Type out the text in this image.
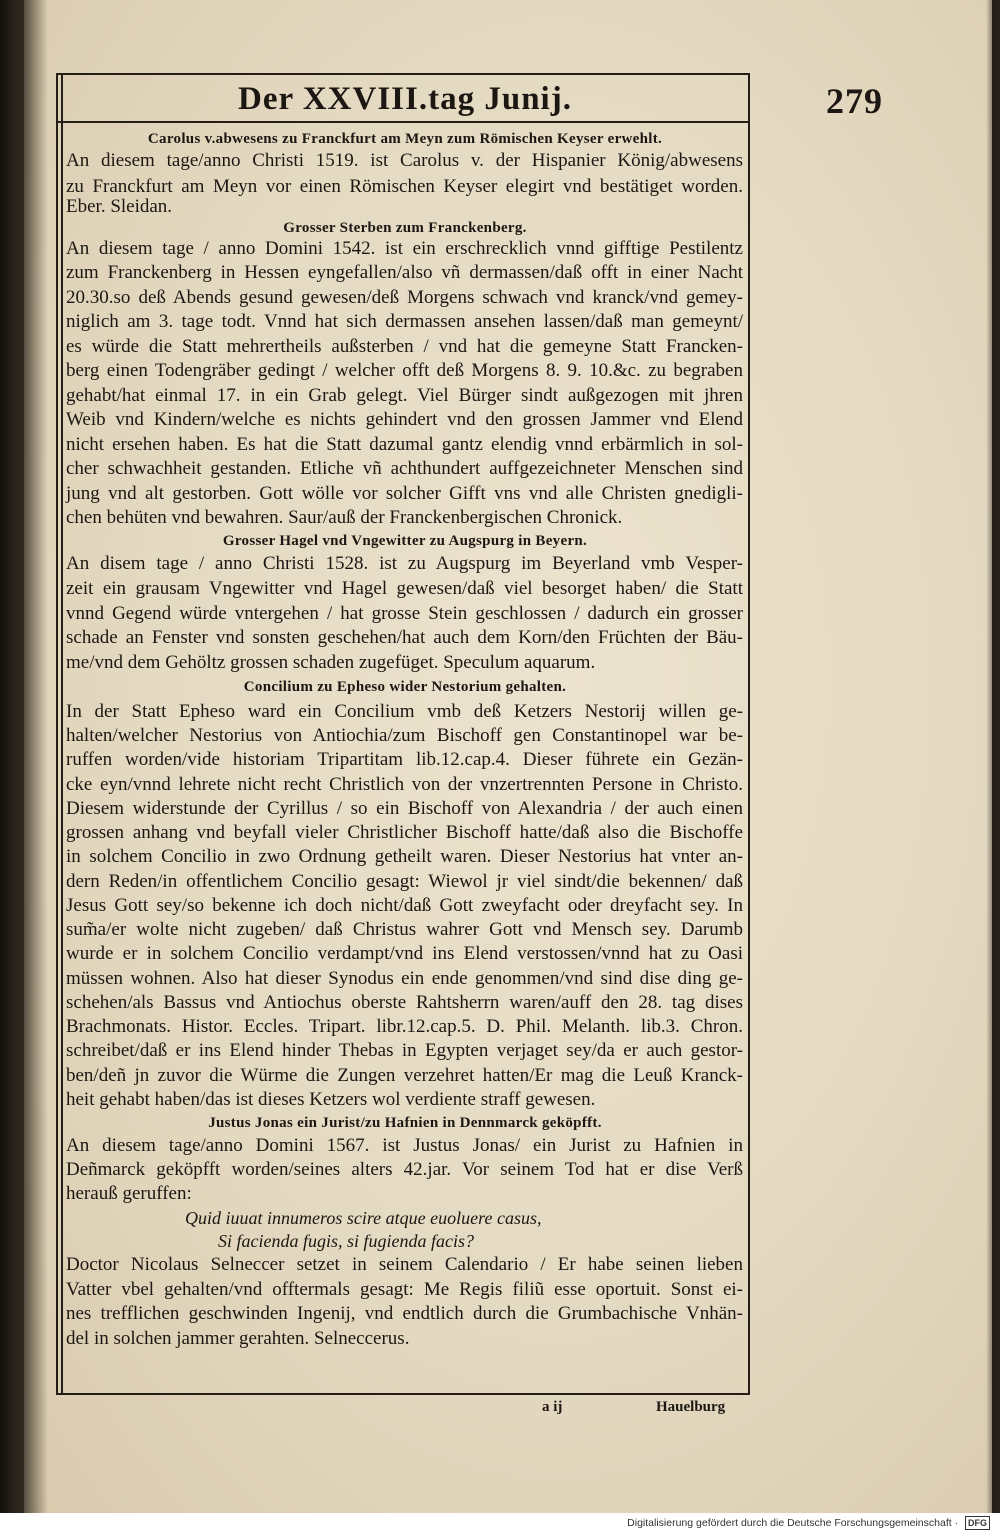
Der XXVIII.tag Junij.	279
Carolus v.abwesens zu Franckfurt am Meyn zum Römischen Keyser erwehlt.
An diesem tage/anno Christi 1519. ist Carolus v. der Hispanier König/abwesens
zu Franckfurt am Meyn vor einen Römischen Keyser elegirt vnd bestätiget worden.
Eber. Sleidan.
Grosser Sterben zum Franckenberg.
An diesem tage / anno Domini 1542. ist ein erschrecklich vnnd gifftige Pestilentz
zum Franckenberg in Hessen eyngefallen/also vñ dermassen/daß offt in einer Nacht
20.30.so deß Abends gesund gewesen/deß Morgens schwach vnd kranck/vnd gemey-
niglich am 3. tage todt. Vnnd hat sich dermassen ansehen lassen/daß man gemeynt/
es würde die Statt mehrertheils außsterben / vnd hat die gemeyne Statt Francken-
berg einen Todengräber gedingt / welcher offt deß Morgens 8. 9. 10.&c. zu begraben
gehabt/hat einmal 17. in ein Grab gelegt. Viel Bürger sindt außgezogen mit jhren
Weib vnd Kindern/welche es nichts gehindert vnd den grossen Jammer vnd Elend
nicht ersehen haben. Es hat die Statt dazumal gantz elendig vnnd erbärmlich in sol-
cher schwachheit gestanden. Etliche vñ achthundert auffgezeichneter Menschen sind
jung vnd alt gestorben. Gott wölle vor solcher Gifft vns vnd alle Christen gnedigli-
chen behüten vnd bewahren. Saur/auß der Franckenbergischen Chronick.
Grosser Hagel vnd Vngewitter zu Augspurg in Beyern.
An disem tage / anno Christi 1528. ist zu Augspurg im Beyerland vmb Vesper-
zeit ein grausam Vngewitter vnd Hagel gewesen/daß viel besorget haben/ die Statt
vnnd Gegend würde vntergehen / hat grosse Stein geschlossen / dadurch ein grosser
schade an Fenster vnd sonsten geschehen/hat auch dem Korn/den Früchten der Bäu-
me/vnd dem Gehöltz grossen schaden zugefüget. Speculum aquarum.
Concilium zu Epheso wider Nestorium gehalten.
In der Statt Epheso ward ein Concilium vmb deß Ketzers Nestorij willen ge-
halten/welcher Nestorius von Antiochia/zum Bischoff gen Constantinopel war be-
ruffen worden/vide historiam Tripartitam lib.12.cap.4. Dieser führete ein Gezän-
cke eyn/vnnd lehrete nicht recht Christlich von der vnzertrennten Persone in Christo.
Diesem widerstunde der Cyrillus / so ein Bischoff von Alexandria / der auch einen
grossen anhang vnd beyfall vieler Christlicher Bischoff hatte/daß also die Bischoffe
in solchem Concilio in zwo Ordnung getheilt waren. Dieser Nestorius hat vnter an-
dern Reden/in offentlichem Concilio gesagt: Wiewol jr viel sindt/die bekennen/ daß
Jesus Gott sey/so bekenne ich doch nicht/daß Gott zweyfacht oder dreyfacht sey. In
sum̃a/er wolte nicht zugeben/ daß Christus wahrer Gott vnd Mensch sey. Darumb
wurde er in solchem Concilio verdampt/vnd ins Elend verstossen/vnnd hat zu Oasi
müssen wohnen. Also hat dieser Synodus ein ende genommen/vnd sind dise ding ge-
schehen/als Bassus vnd Antiochus oberste Rahtsherrn waren/auff den 28. tag dises
Brachmonats. Histor. Eccles. Tripart. libr.12.cap.5. D. Phil. Melanth. lib.3. Chron.
schreibet/daß er ins Elend hinder Thebas in Egypten verjaget sey/da er auch gestor-
ben/deñ jn zuvor die Würme die Zungen verzehret hatten/Er mag die Leuß Kranck-
heit gehabt haben/das ist dieses Ketzers wol verdiente straff gewesen.
Justus Jonas ein Jurist/zu Hafnien in Dennmarck geköpfft.
An diesem tage/anno Domini 1567. ist Justus Jonas/ ein Jurist zu Hafnien in
Deñmarck geköpfft worden/seines alters 42.jar. Vor seinem Tod hat er dise Verß
herauß geruffen:
Quid iuuat innumeros scire atque euoluere casus,
Si facienda fugis, si fugienda facis?
Doctor Nicolaus Selneccer setzet in seinem Calendario / Er habe seinen lieben
Vatter vbel gehalten/vnd offtermals gesagt: Me Regis filiũ esse oportuit. Sonst ei-
nes trefflichen geschwinden Ingenij, vnd endtlich durch die Grumbachische Vnhän-
del in solchen jammer gerahten. Selneccerus.
a ij	Hauelburg
Digitalisierung gefördert durch die Deutsche Forschungsgemeinschaft · DFG
